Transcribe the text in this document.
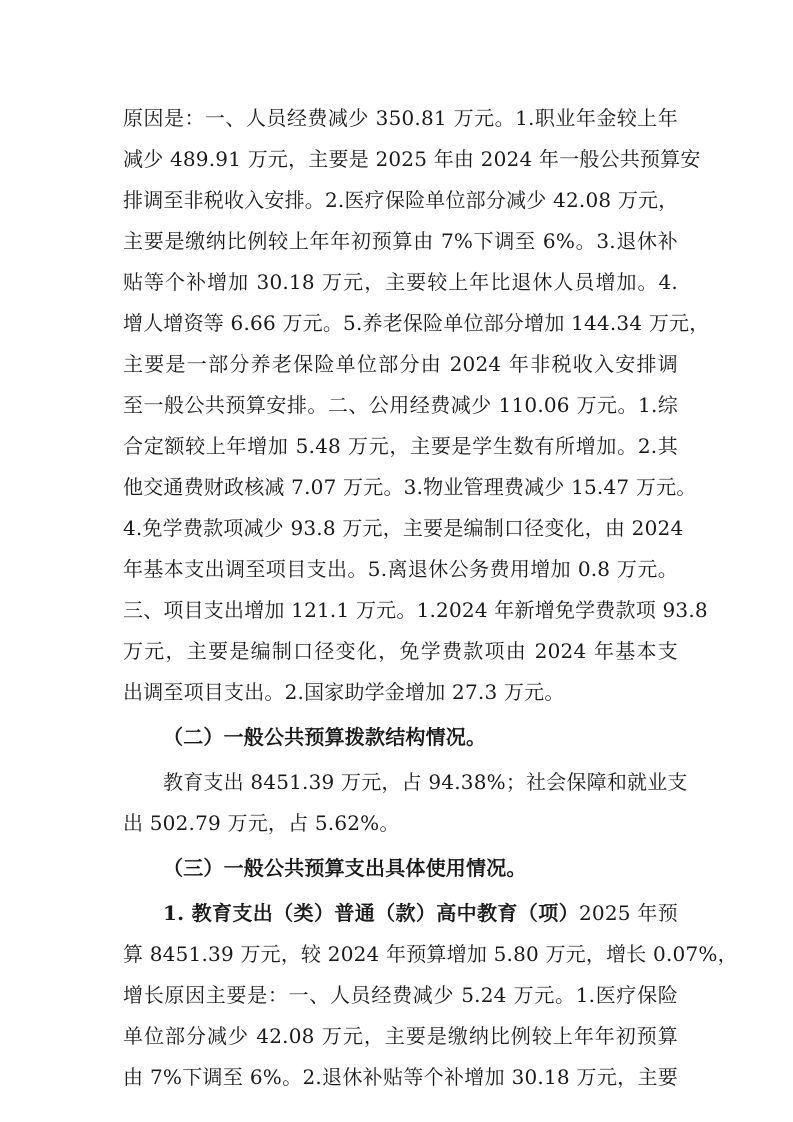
原因是：一、人员经费减少 350.81 万元。1.职业年金较上年
减少 489.91 万元，主要是 2025 年由 2024 年一般公共预算安
排调至非税收入安排。2.医疗保险单位部分减少 42.08 万元，
主要是缴纳比例较上年年初预算由 7%下调至 6%。3.退休补
贴等个补增加 30.18 万元，主要较上年比退休人员增加。4.
增人增资等 6.66 万元。5.养老保险单位部分增加 144.34 万元，
主要是一部分养老保险单位部分由 2024 年非税收入安排调
至一般公共预算安排。二、公用经费减少 110.06 万元。1.综
合定额较上年增加 5.48 万元，主要是学生数有所增加。2.其
他交通费财政核减 7.07 万元。3.物业管理费减少 15.47 万元。
4.免学费款项减少 93.8 万元，主要是编制口径变化，由 2024
年基本支出调至项目支出。5.离退休公务费用增加 0.8 万元。
三、项目支出增加 121.1 万元。1.2024 年新增免学费款项 93.8
万元，主要是编制口径变化，免学费款项由 2024 年基本支
出调至项目支出。2.国家助学金增加 27.3 万元。
（二）一般公共预算拨款结构情况。
教育支出 8451.39 万元，占 94.38%；社会保障和就业支
出 502.79 万元，占 5.62%。
（三）一般公共预算支出具体使用情况。
1. 教育支出（类）普通（款）高中教育（项）2025 年预
算 8451.39 万元，较 2024 年预算增加 5.80 万元，增长 0.07%，
增长原因主要是：一、人员经费减少 5.24 万元。1.医疗保险
单位部分减少 42.08 万元，主要是缴纳比例较上年年初预算
由 7%下调至 6%。2.退休补贴等个补增加 30.18 万元，主要
